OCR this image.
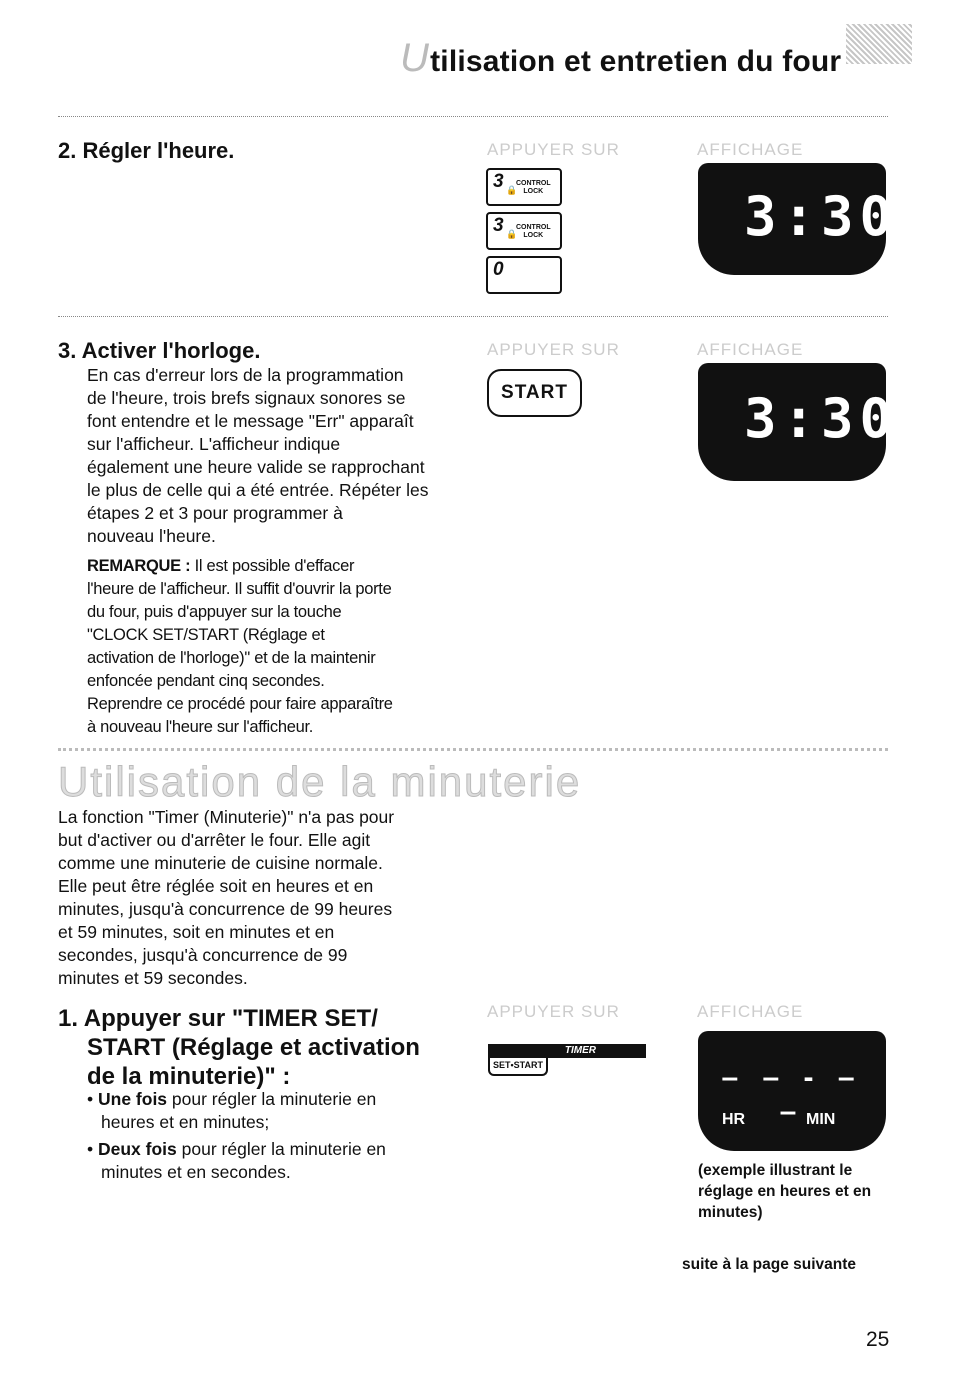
Utilisation et entretien du four
2. Régler l'heure.	APPUYER SUR	AFFICHAGE
3 🔒
CONTROL
LOCK
3 🔒
CONTROL
LOCK
0
3:30
3. Activer l'horloge.	APPUYER SUR	AFFICHAGE
En cas d'erreur lors de la programmation
de l'heure, trois brefs signaux sonores se
font entendre et le message "Err" apparaît
sur l'afficheur. L'afficheur indique
également une heure valide se rapprochant
le plus de celle qui a été entrée. Répéter les
étapes 2 et 3 pour programmer à
nouveau l'heure.
REMARQUE : Il est possible d'effacer
l'heure de l'afficheur. Il suffit d'ouvrir la porte
du four, puis d'appuyer sur la touche
"CLOCK SET/START (Réglage et
activation de l'horloge)" et de la maintenir
enfoncée pendant cinq secondes.
Reprendre ce procédé pour faire apparaître
à nouveau l'heure sur l'afficheur.
START	3:30
Utilisation de la minuterie
La fonction "Timer (Minuterie)" n'a pas pour
but d'activer ou d'arrêter le four. Elle agit
comme une minuterie de cuisine normale.
Elle peut être réglée soit en heures et en
minutes, jusqu'à concurrence de 99 heures
et 59 minutes, soit en minutes et en
secondes, jusqu'à concurrence de 99
minutes et 59 secondes.
1. Appuyer sur "TIMER SET/
START (Réglage et activation
de la minuterie)" :
• Une fois pour régler la minuterie en
heures et en minutes;
• Deux fois pour régler la minuterie en
minutes et en secondes.
APPUYER SUR	AFFICHAGE
TIMER
SET•START	– – ‑ – –
HR	MIN
(exemple illustrant le
réglage en heures et en
minutes)
suite à la page suivante
25
